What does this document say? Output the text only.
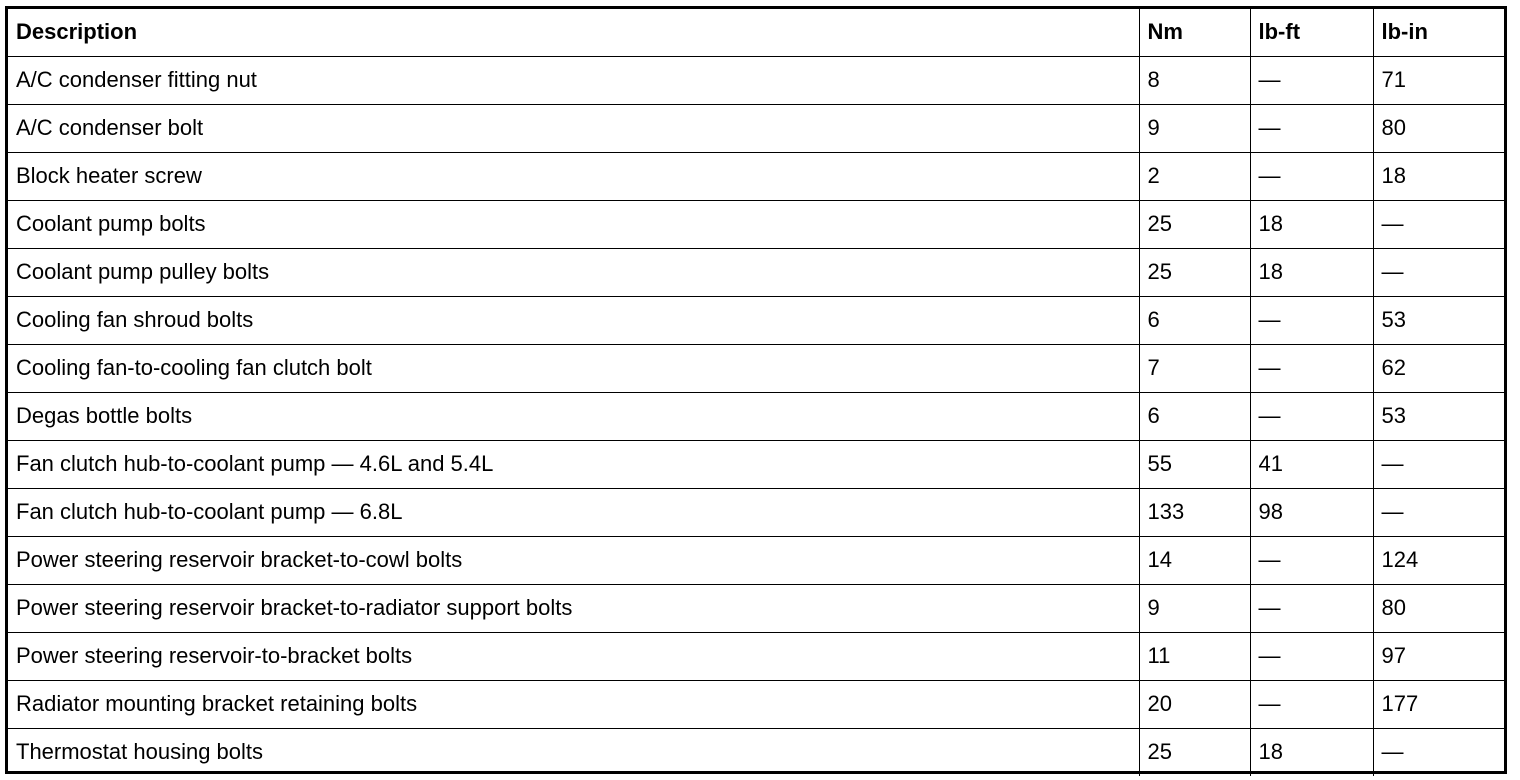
Description	Nm	lb-ft	lb-in
A/C condenser fitting nut	8	—	71
A/C condenser bolt	9	—	80
Block heater screw	2	—	18
Coolant pump bolts	25	18	—
Coolant pump pulley bolts	25	18	—
Cooling fan shroud bolts	6	—	53
Cooling fan-to-cooling fan clutch bolt	7	—	62
Degas bottle bolts	6	—	53
Fan clutch hub-to-coolant pump — 4.6L and 5.4L	55	41	—
Fan clutch hub-to-coolant pump — 6.8L	133	98	—
Power steering reservoir bracket-to-cowl bolts	14	—	124
Power steering reservoir bracket-to-radiator support bolts	9	—	80
Power steering reservoir-to-bracket bolts	11	—	97
Radiator mounting bracket retaining bolts	20	—	177
Thermostat housing bolts	25	18	—
